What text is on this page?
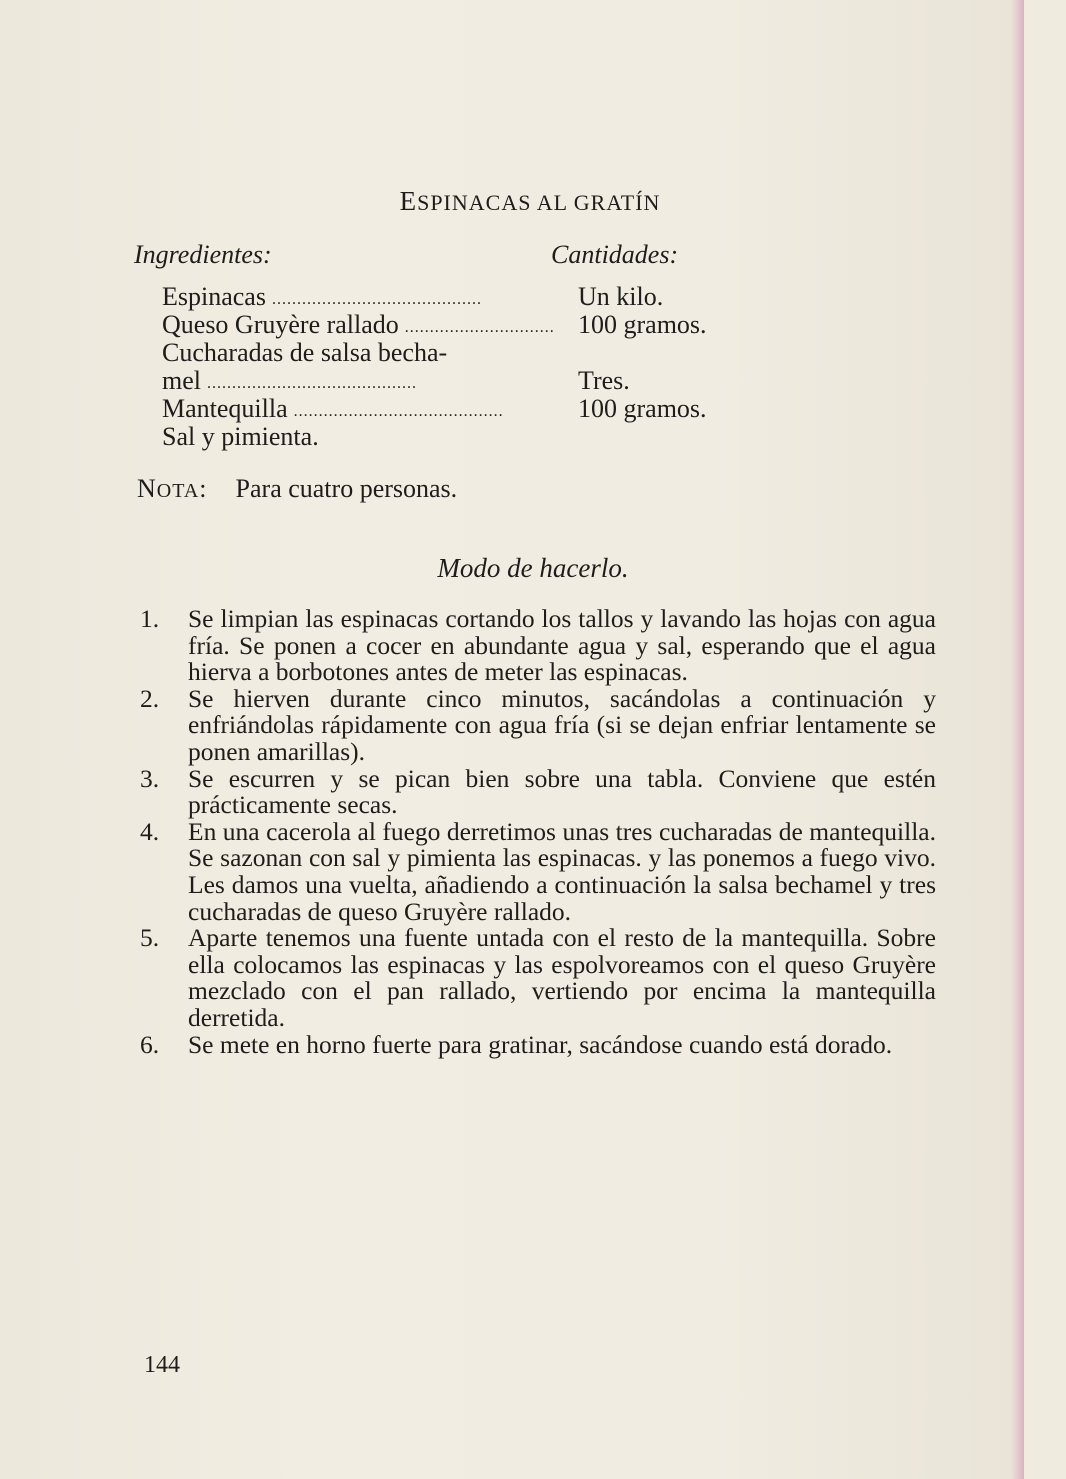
ESPINACAS AL GRATÍN
Ingredientes:	Cantidades:
Espinacas ..........................................
Queso Gruyère rallado ..............................
Cucharadas de salsa becha-
mel ..........................................
Mantequilla ..........................................
Sal y pimienta.
Un kilo.
100 gramos.
Tres.
100 gramos.
NOTA: Para cuatro personas.
Modo de hacerlo.
1. Se limpian las espinacas cortando los tallos y lavando las hojas con agua fría. Se ponen a cocer en abundante agua y sal, esperando que el agua hierva a borbotones antes de meter las espinacas.
2. Se hierven durante cinco minutos, sacándolas a continuación y enfriándolas rápidamente con agua fría (si se dejan enfriar lentamente se ponen amarillas).
3. Se escurren y se pican bien sobre una tabla. Conviene que estén prácticamente secas.
4. En una cacerola al fuego derretimos unas tres cucharadas de mantequilla. Se sazonan con sal y pimienta las espinacas. y las ponemos a fuego vivo. Les damos una vuelta, añadiendo a continuación la salsa bechamel y tres cucharadas de queso Gruyère rallado.
5. Aparte tenemos una fuente untada con el resto de la mantequilla. Sobre ella colocamos las espinacas y las espolvoreamos con el queso Gruyère mezclado con el pan rallado, vertiendo por encima la mantequilla derretida.
6. Se mete en horno fuerte para gratinar, sacándose cuando está dorado.
144
